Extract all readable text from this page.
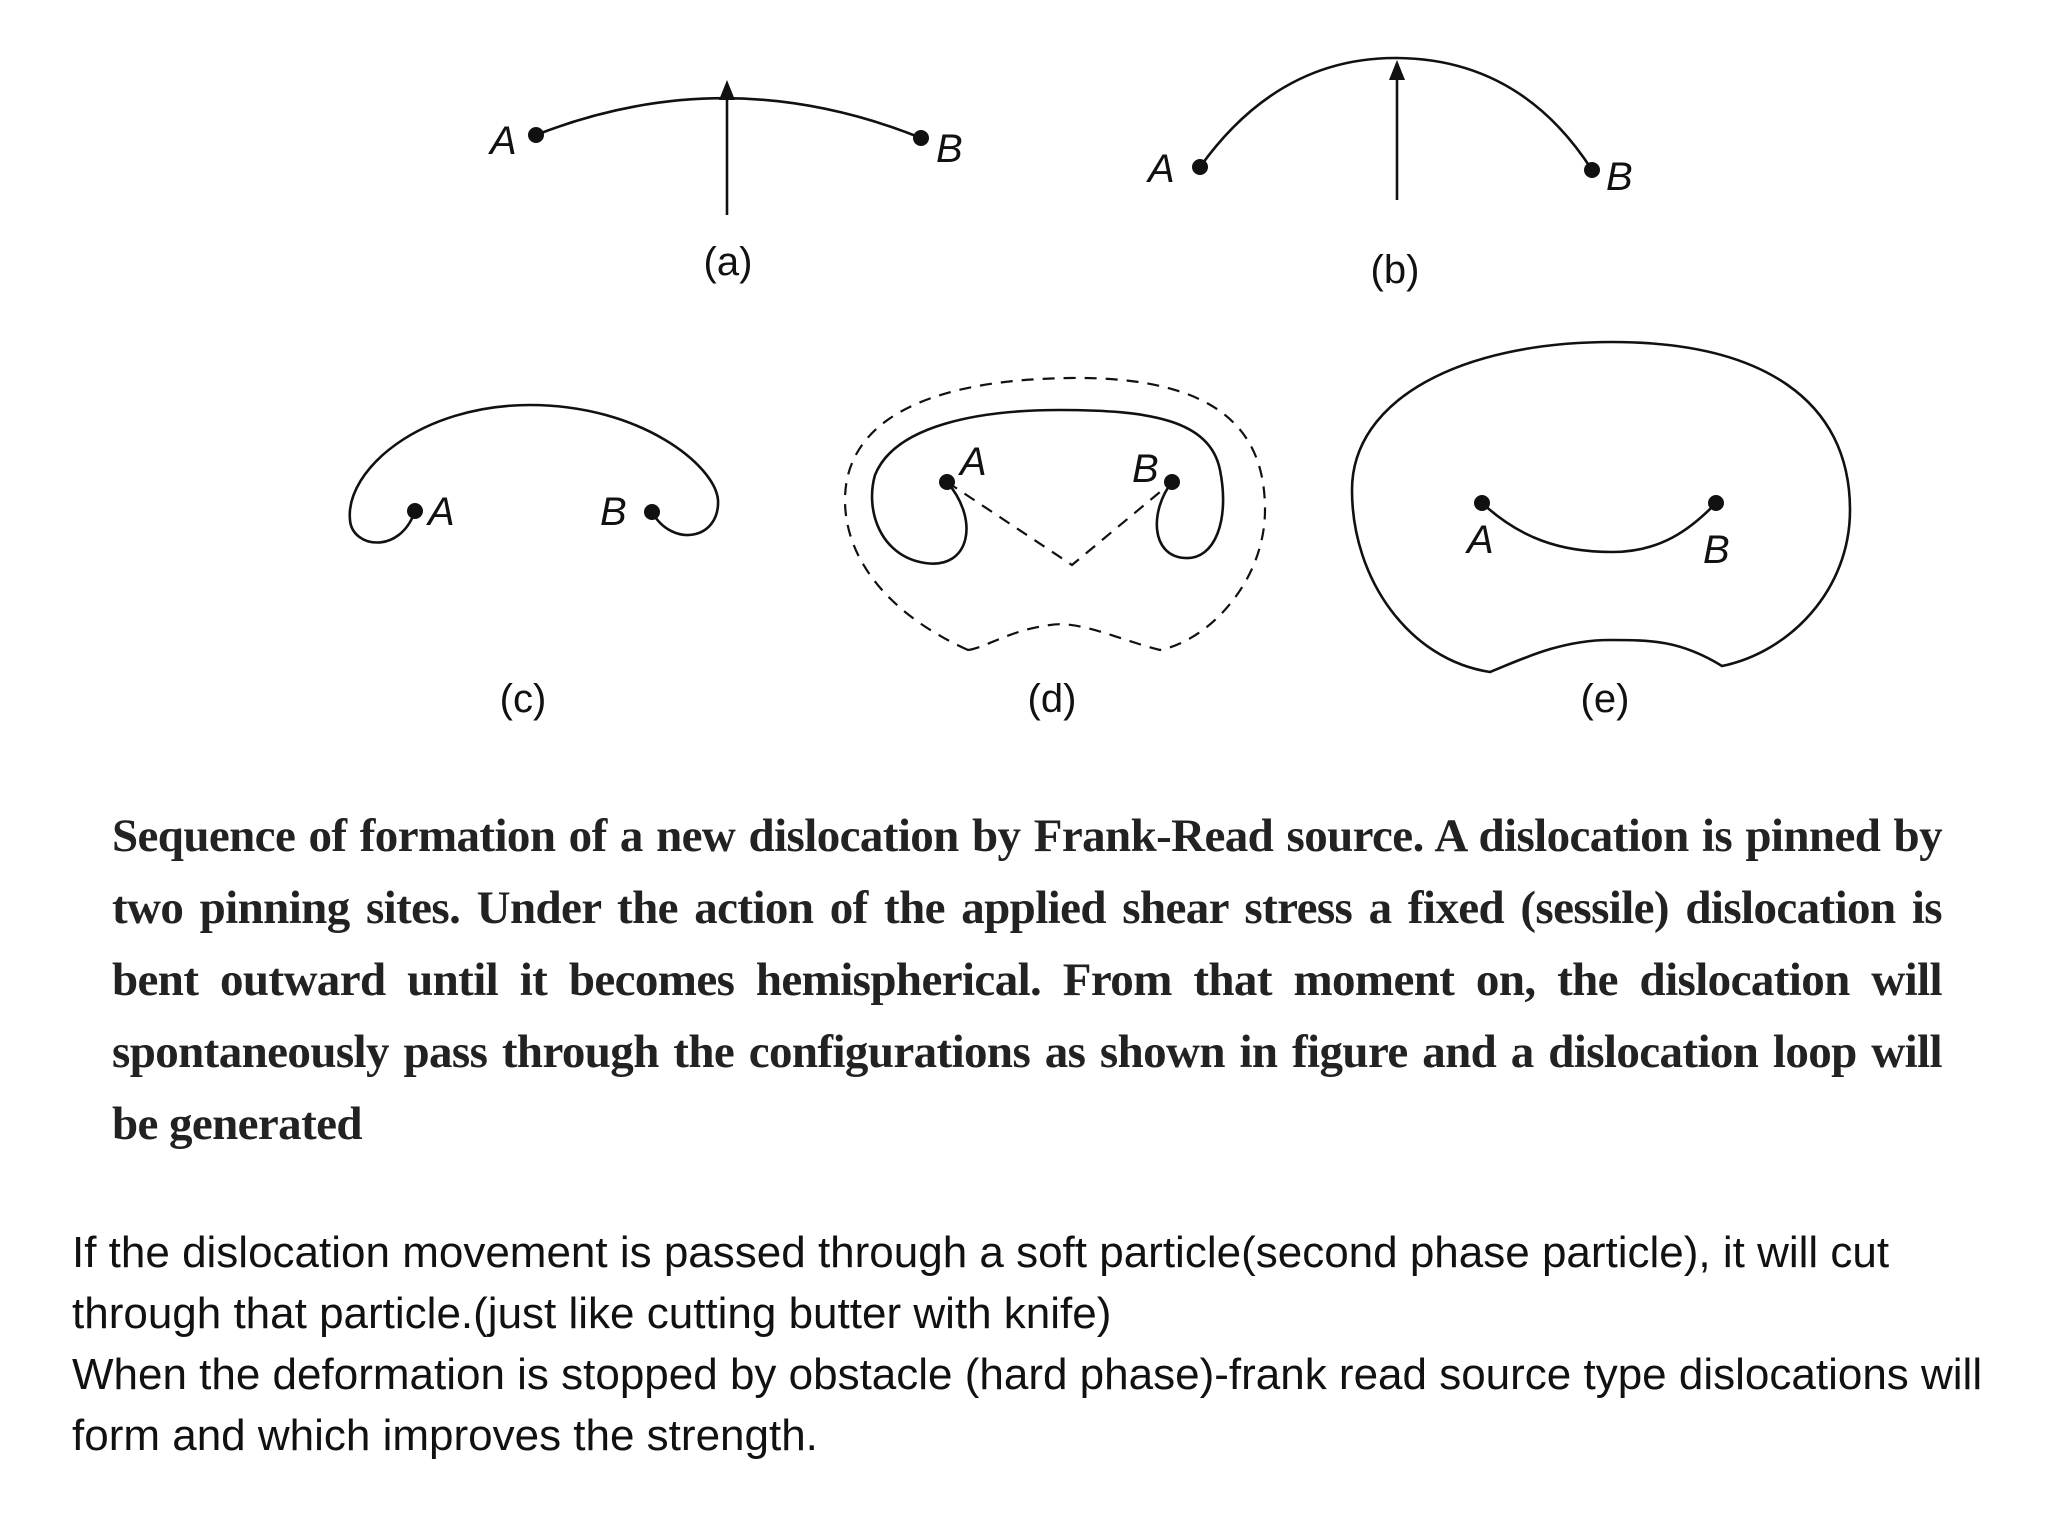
A	B
(a)
A	B
(b)
A	B
(c)
A	B
(d)
A	B
(e)
Sequence of formation of a new dislocation by Frank-Read source. A dislocation is pinned by two pinning sites. Under the action of the applied shear stress a fixed (sessile) dislocation is bent outward until it becomes hemispherical. From that moment on, the dislocation will spontaneously pass through the configurations as shown in figure and a dislocation loop will be generated

If the dislocation movement is passed through a soft particle(second phase particle), it will cut through that particle.(just like cutting butter with knife)

When the deformation is stopped by obstacle (hard phase)-frank read source type dislocations will form and which improves the strength.
